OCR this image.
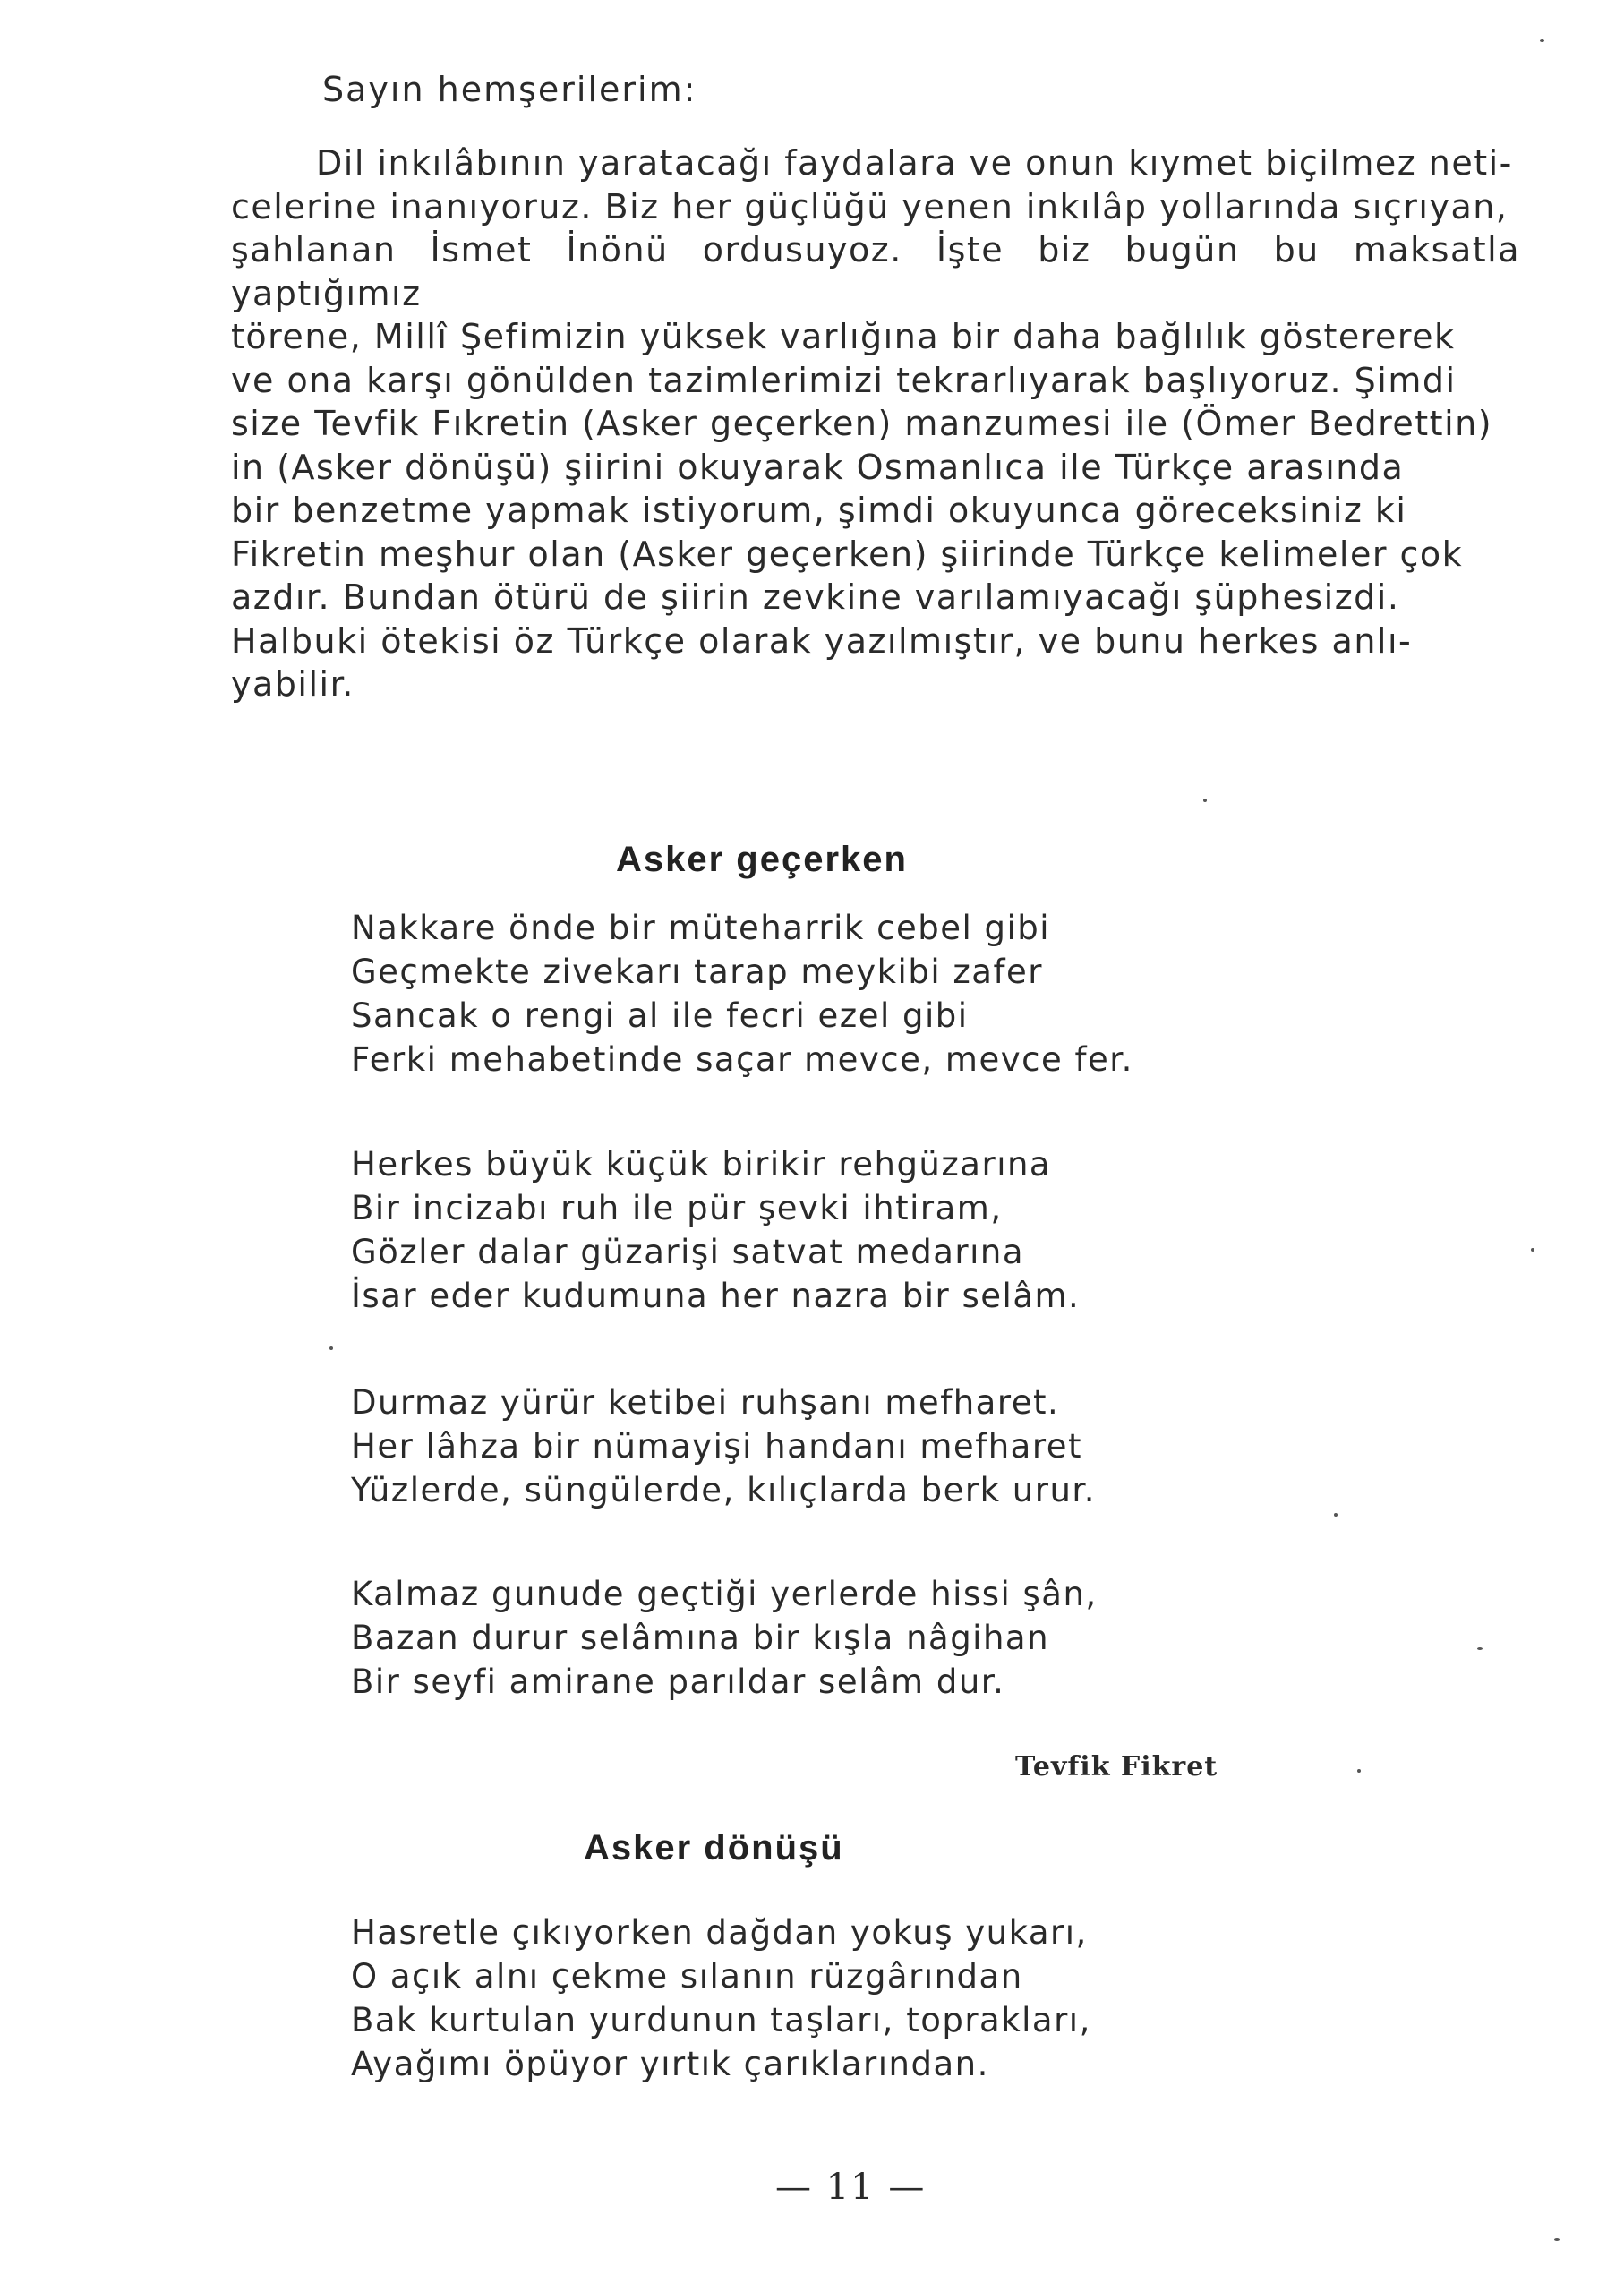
Sayın hemşerilerim:
Dil inkılâbının yaratacağı faydalara ve onun kıymet biçilmez neti-
celerine inanıyoruz. Biz her güçlüğü yenen inkılâp yollarında sıçrıyan,
şahlanan İsmet İnönü ordusuyoz. İşte biz bugün bu maksatla yaptığımız
törene, Millî Şefimizin yüksek varlığına bir daha bağlılık göstererek
ve ona karşı gönülden tazimlerimizi tekrarlıyarak başlıyoruz. Şimdi
size Tevfik Fıkretin (Asker geçerken) manzumesi ile (Ömer Bedrettin)
in (Asker dönüşü) şiirini okuyarak Osmanlıca ile Türkçe arasında
bir benzetme yapmak istiyorum, şimdi okuyunca göreceksiniz ki
Fikretin meşhur olan (Asker geçerken) şiirinde Türkçe kelimeler çok
azdır. Bundan ötürü de şiirin zevkine varılamıyacağı şüphesizdi.
Halbuki ötekisi öz Türkçe olarak yazılmıştır, ve bunu herkes anlı-
yabilir.
Asker geçerken
Nakkare önde bir müteharrik cebel gibi
Geçmekte zivekarı tarap meykibi zafer
Sancak o rengi al ile fecri ezel gibi
Ferki mehabetinde saçar mevce, mevce fer.
Herkes büyük küçük birikir rehgüzarına
Bir incizabı ruh ile pür şevki ihtiram,
Gözler dalar güzarişi satvat medarına
İsar eder kudumuna her nazra bir selâm.
Durmaz yürür ketibei ruhşanı mefharet.
Her lâhza bir nümayişi handanı mefharet
Yüzlerde, süngülerde, kılıçlarda berk urur.
Kalmaz gunude geçtiği yerlerde hissi şân,
Bazan durur selâmına bir kışla nâgihan
Bir seyfi amirane parıldar selâm dur.
Tevfik Fikret
Asker dönüşü
Hasretle çıkıyorken dağdan yokuş yukarı,
O açık alnı çekme sılanın rüzgârından
Bak kurtulan yurdunun taşları, toprakları,
Ayağımı öpüyor yırtık çarıklarından.
— 11 —
